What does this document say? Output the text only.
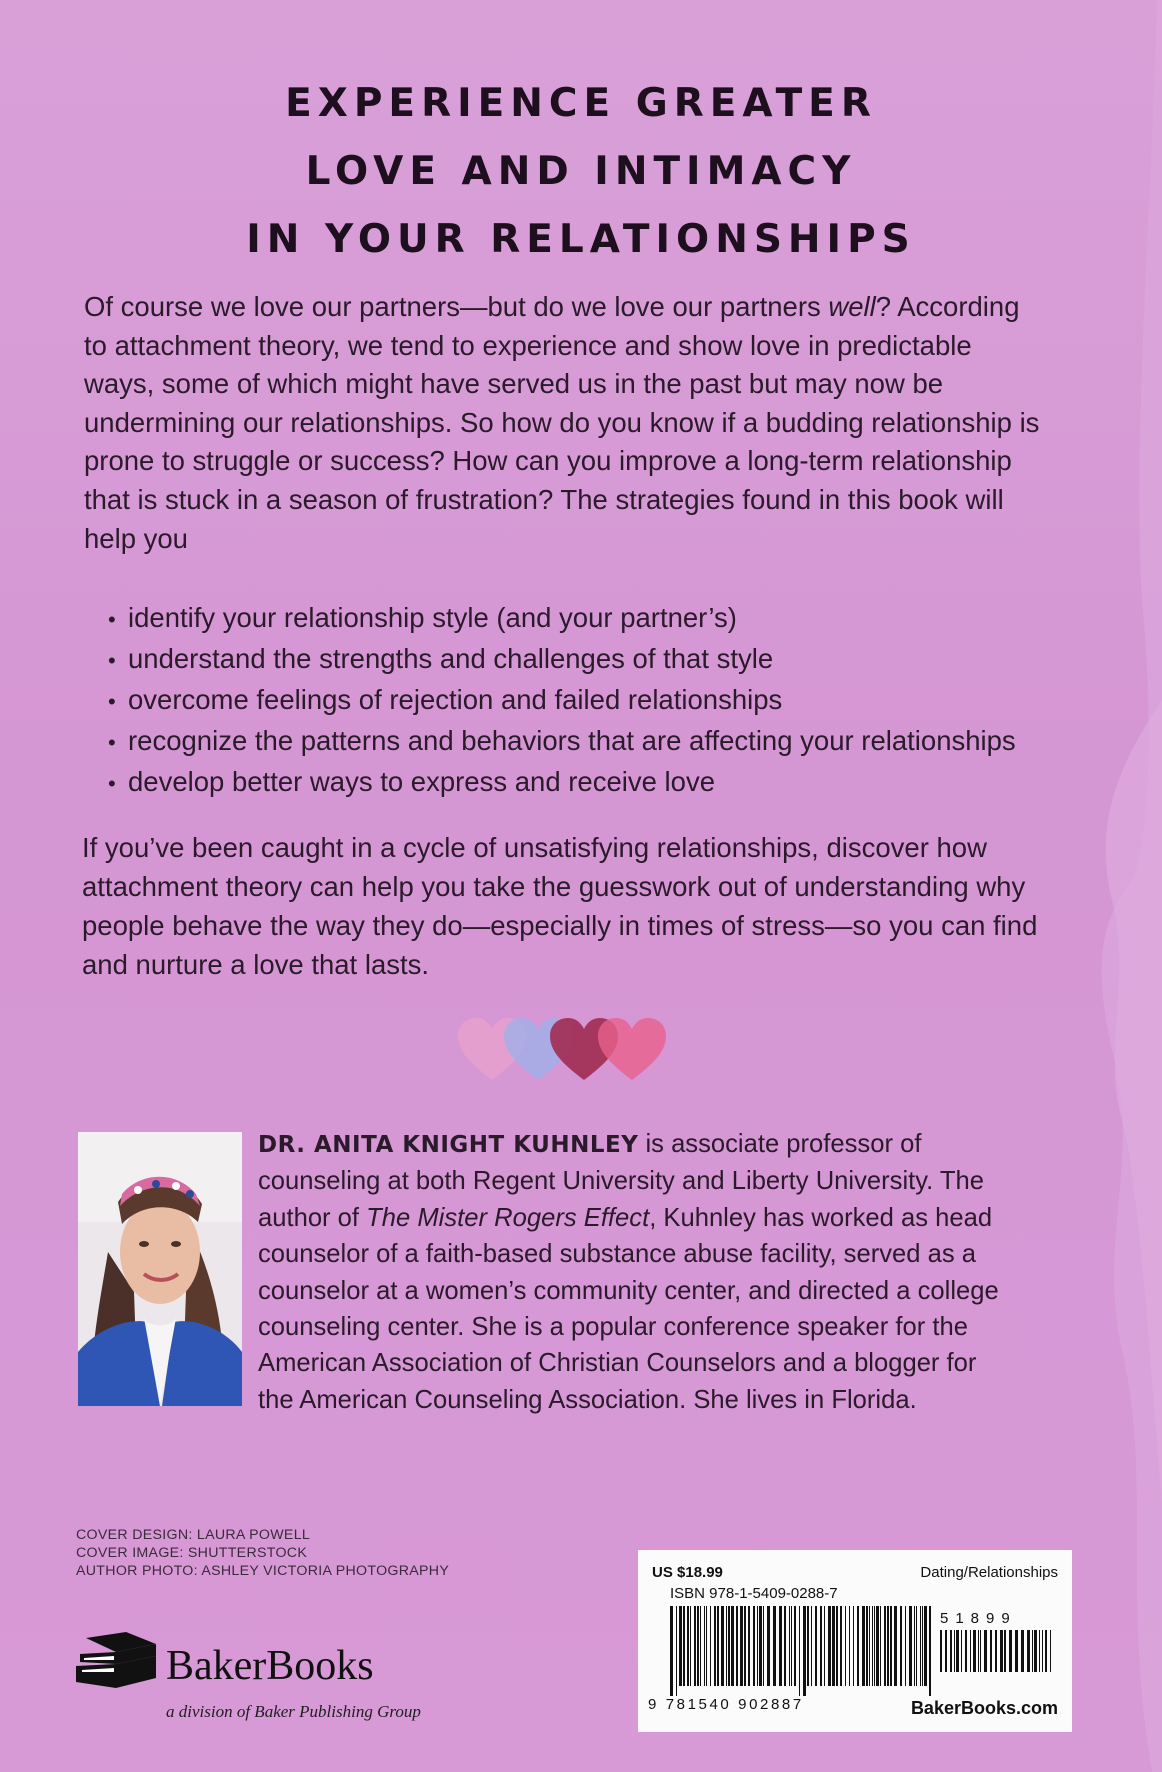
EXPERIENCE GREATER
LOVE AND INTIMACY
IN YOUR RELATIONSHIPS

Of course we love our partners—but do we love our partners well? According to attachment theory, we tend to experience and show love in predictable ways, some of which might have served us in the past but may now be undermining our relationships. So how do you know if a budding relationship is prone to struggle or success? How can you improve a long-term relationship that is stuck in a season of frustration? The strategies found in this book will help you

• identify your relationship style (and your partner’s)
• understand the strengths and challenges of that style
• overcome feelings of rejection and failed relationships
• recognize the patterns and behaviors that are affecting your relationships
• develop better ways to express and receive love

If you’ve been caught in a cycle of unsatisfying relationships, discover how attachment theory can help you take the guesswork out of understanding why people behave the way they do—especially in times of stress—so you can find and nurture a love that lasts.

DR. ANITA KNIGHT KUHNLEY is associate professor of counseling at both Regent University and Liberty University. The author of The Mister Rogers Effect, Kuhnley has worked as head counselor of a faith-based substance abuse facility, served as a counselor at a women’s community center, and directed a college counseling center. She is a popular conference speaker for the American Association of Christian Counselors and a blogger for the American Counseling Association. She lives in Florida.

COVER DESIGN: LAURA POWELL
COVER IMAGE: SHUTTERSTOCK
AUTHOR PHOTO: ASHLEY VICTORIA PHOTOGRAPHY
BakerBooks
a division of Baker Publishing Group
US $18.99	Dating/Relationships
ISBN 978-1-5409-0288-7
9 781540 902887
51899
BakerBooks.com
